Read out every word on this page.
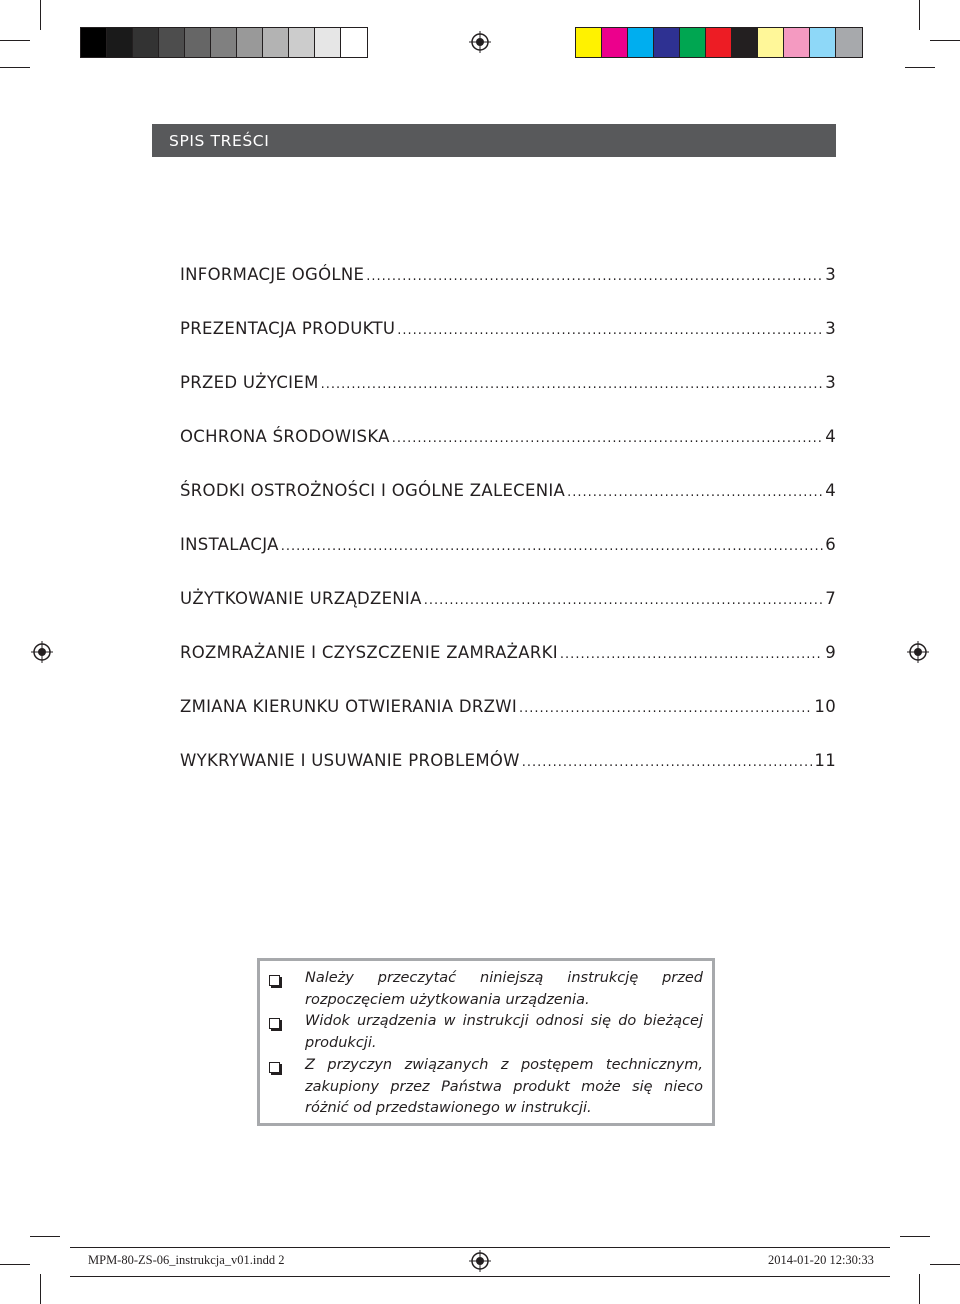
SPIS TREŚCI
INFORMACJE OGÓLNE .....	3
PREZENTACJA PRODUKTU .....	3
PRZED UŻYCIEM .....	3
OCHRONA ŚRODOWISKA .....	4
ŚRODKI OSTROŻNOŚCI I OGÓLNE ZALECENIA .....	4
INSTALACJA .....	6
UŻYTKOWANIE URZĄDZENIA .....	7
ROZMRAŻANIE I CZYSZCZENIE ZAMRAŻARKI .....	9
ZMIANA KIERUNKU OTWIERANIA DRZWI .....	10
WYKRYWANIE I USUWANIE PROBLEMÓW .....	11
Należy przeczytać niniejszą instrukcję przed rozpoczęciem użytkowania urządzenia.
Widok urządzenia w instrukcji odnosi się do bieżącej produkcji.
Z przyczyn związanych z postępem technicznym, zakupiony przez Państwa produkt może się nieco różnić od przedstawionego w instrukcji.
MPM-80-ZS-06_instrukcja_v01.indd 2	2014-01-20 12:30:33
